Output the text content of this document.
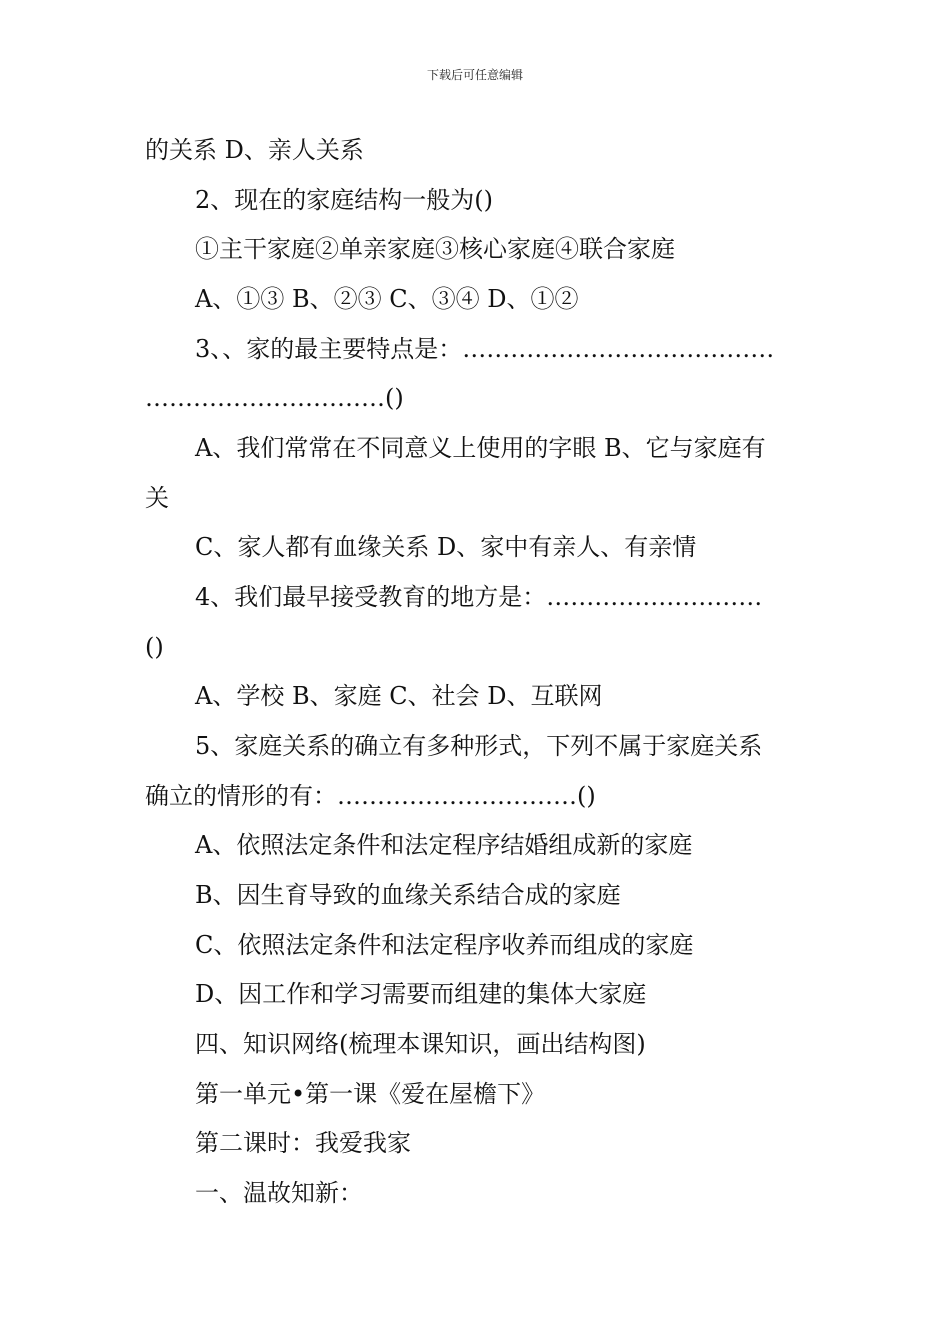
下载后可任意编辑
的关系 D、亲人关系
2、现在的家庭结构一般为()
①主干家庭②单亲家庭③核心家庭④联合家庭
A、①③ B、②③ C、③④ D、①②
3、、家的最主要特点是：…………………………………
…………………………()
A、我们常常在不同意义上使用的字眼 B、它与家庭有
关
C、家人都有血缘关系 D、家中有亲人、有亲情
4、我们最早接受教育的地方是：………………………
()
A、学校 B、家庭 C、社会 D、互联网
5、家庭关系的确立有多种形式，下列不属于家庭关系
确立的情形的有：…………………………()
A、依照法定条件和法定程序结婚组成新的家庭
B、因生育导致的血缘关系结合成的家庭
C、依照法定条件和法定程序收养而组成的家庭
D、因工作和学习需要而组建的集体大家庭
四、知识网络(梳理本课知识，画出结构图)
第一单元•第一课《爱在屋檐下》
第二课时：我爱我家
一、温故知新：
